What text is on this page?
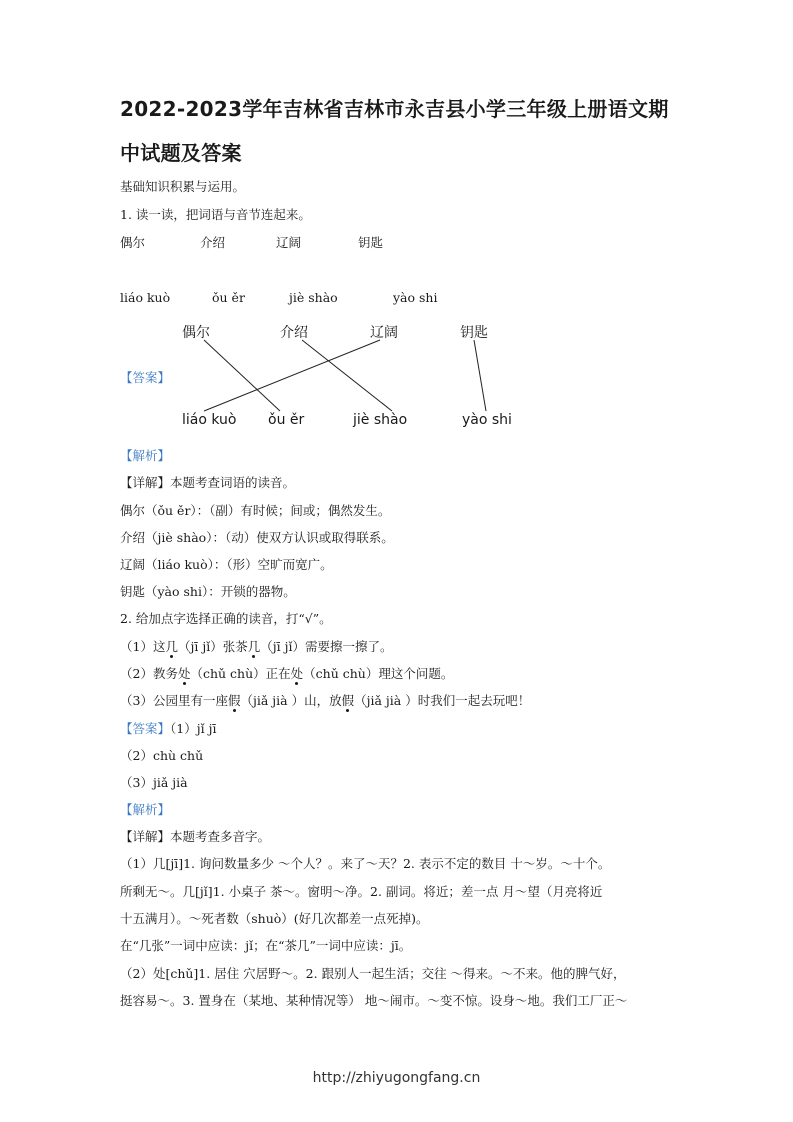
2022-2023学年吉林省吉林市永吉县小学三年级上册语文期
中试题及答案
基础知识积累与运用。
1. 读一读，把词语与音节连起来。
偶尔	介绍	辽阔	钥匙
liáo kuò	ǒu ěr	jiè shào	yào shi
【答案】
偶尔	介绍	辽阔	钥匙
liáo kuò ǒu ěr	jiè shào	yào shi
【解析】
【详解】本题考查词语的读音。
偶尔（ǒu ěr）：（副）有时候；间或；偶然发生。
介绍（jiè shào）：（动）使双方认识或取得联系。
辽阔（liáo kuò）：（形）空旷而宽广。
钥匙（yào shi）：开锁的器物。
2. 给加点字选择正确的读音，打“√”。
（1）这几（jī jǐ）张茶几（jī jǐ）需要擦一擦了。
（2）教务处（chǔ chù）正在处（chǔ chù）理这个问题。
（3）公园里有一座假（jiǎ jià ）山，放假（jiǎ jià ）时我们一起去玩吧！
【答案】（1）jǐ jī
（2）chù chǔ
（3）jiǎ jià
【解析】
【详解】本题考查多音字。
（1）几[jī]1. 询问数量多少 ～个人？。来了～天？2. 表示不定的数目 十～岁。～十个。
所剩无～。几[jǐ]1. 小桌子 茶～。窗明～净。2. 副词。将近；差一点 月～望（月亮将近
十五满月）。～死者数（shuò）(好几次都差一点死掉)。
在“几张”一词中应读：jǐ；在“茶几”一词中应读：jī。
（2）处[chǔ]1. 居住 穴居野～。2. 跟别人一起生活；交往 ～得来。～不来。他的脾气好，
挺容易～。3. 置身在（某地、某种情况等） 地～闹市。～变不惊。设身～地。我们工厂正～
http://zhiyugongfang.cn
